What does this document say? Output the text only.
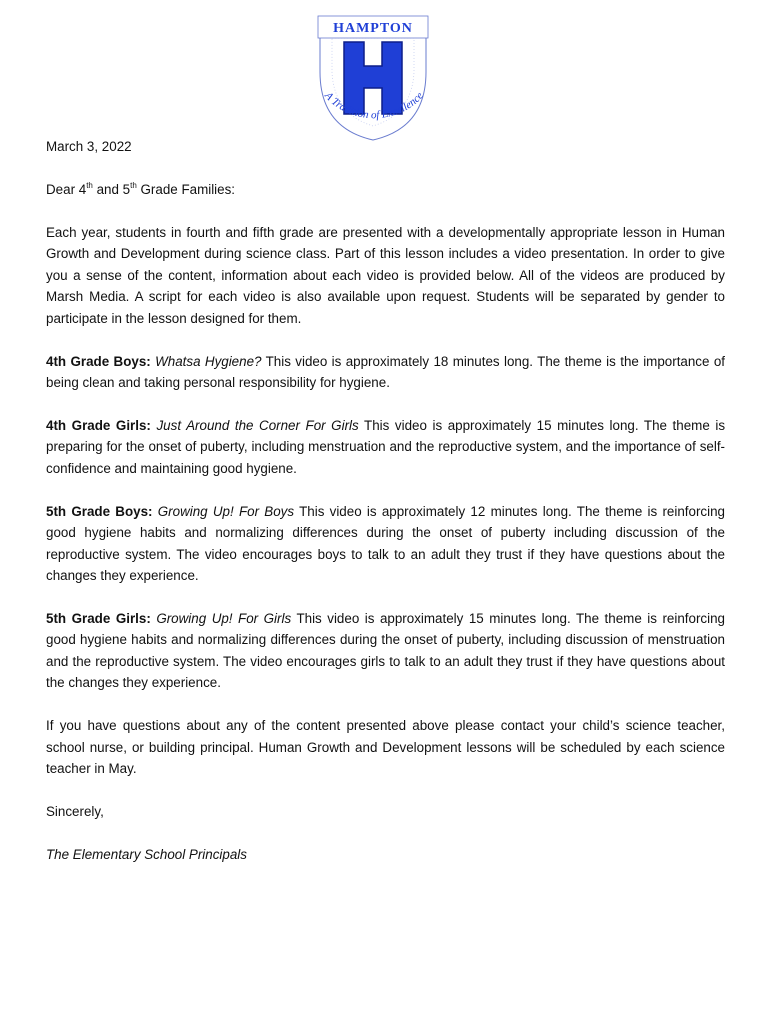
HAMPTON
A Tradition of Excellence

March 3, 2022

Dear 4th and 5th Grade Families:

Each year, students in fourth and fifth grade are presented with a developmentally appropriate lesson in Human Growth and Development during science class. Part of this lesson includes a video presentation. In order to give you a sense of the content, information about each video is provided below. All of the videos are produced by Marsh Media. A script for each video is also available upon request. Students will be separated by gender to participate in the lesson designed for them.

4th Grade Boys: Whatsa Hygiene? This video is approximately 18 minutes long. The theme is the importance of being clean and taking personal responsibility for hygiene.

4th Grade Girls: Just Around the Corner For Girls This video is approximately 15 minutes long. The theme is preparing for the onset of puberty, including menstruation and the reproductive system, and the importance of self-confidence and maintaining good hygiene.

5th Grade Boys: Growing Up! For Boys This video is approximately 12 minutes long. The theme is reinforcing good hygiene habits and normalizing differences during the onset of puberty including discussion of the reproductive system. The video encourages boys to talk to an adult they trust if they have questions about the changes they experience.

5th Grade Girls: Growing Up! For Girls This video is approximately 15 minutes long. The theme is reinforcing good hygiene habits and normalizing differences during the onset of puberty, including discussion of menstruation and the reproductive system. The video encourages girls to talk to an adult they trust if they have questions about the changes they experience.

If you have questions about any of the content presented above please contact your child’s science teacher, school nurse, or building principal. Human Growth and Development lessons will be scheduled by each science teacher in May.

Sincerely,

The Elementary School Principals
